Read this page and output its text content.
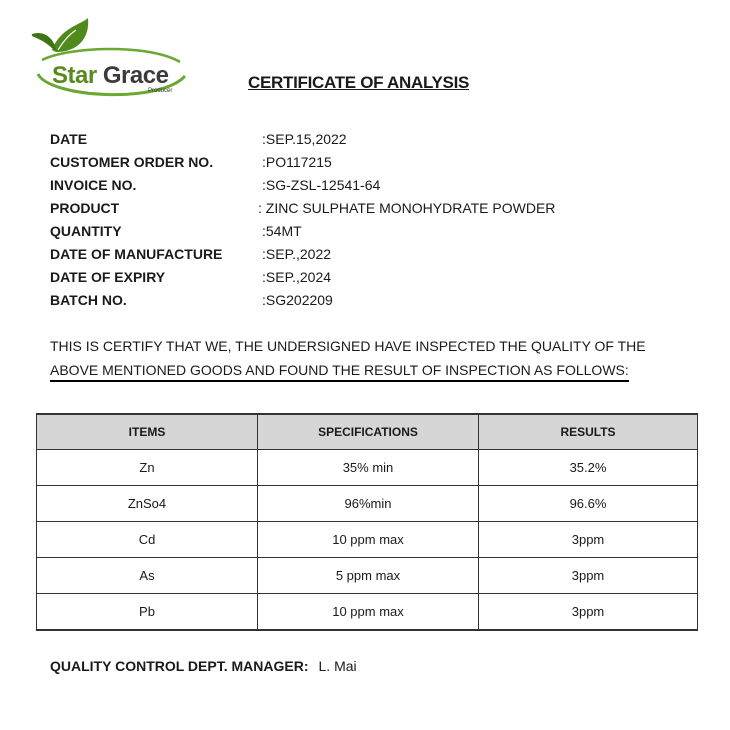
Star Grace
Producer	CERTIFICATE OF ANALYSIS
DATE	:SEP.15,2022
CUSTOMER ORDER NO.	:PO117215
INVOICE NO.	:SG-ZSL-12541-64
PRODUCT	: ZINC SULPHATE MONOHYDRATE POWDER
QUANTITY	:54MT
DATE OF MANUFACTURE	:SEP.,2022
DATE OF EXPIRY	:SEP.,2024
BATCH NO.	:SG202209
THIS IS CERTIFY THAT WE, THE UNDERSIGNED HAVE INSPECTED THE QUALITY OF THE
ABOVE MENTIONED GOODS AND FOUND THE RESULT OF INSPECTION AS FOLLOWS:
ITEMS	SPECIFICATIONS	RESULTS
Zn	35% min	35.2%
ZnSo4	96%min	96.6%
Cd	10 ppm max	3ppm
As	5 ppm max	3ppm
Pb	10 ppm max	3ppm
QUALITY CONTROL DEPT. MANAGER: L. Mai
